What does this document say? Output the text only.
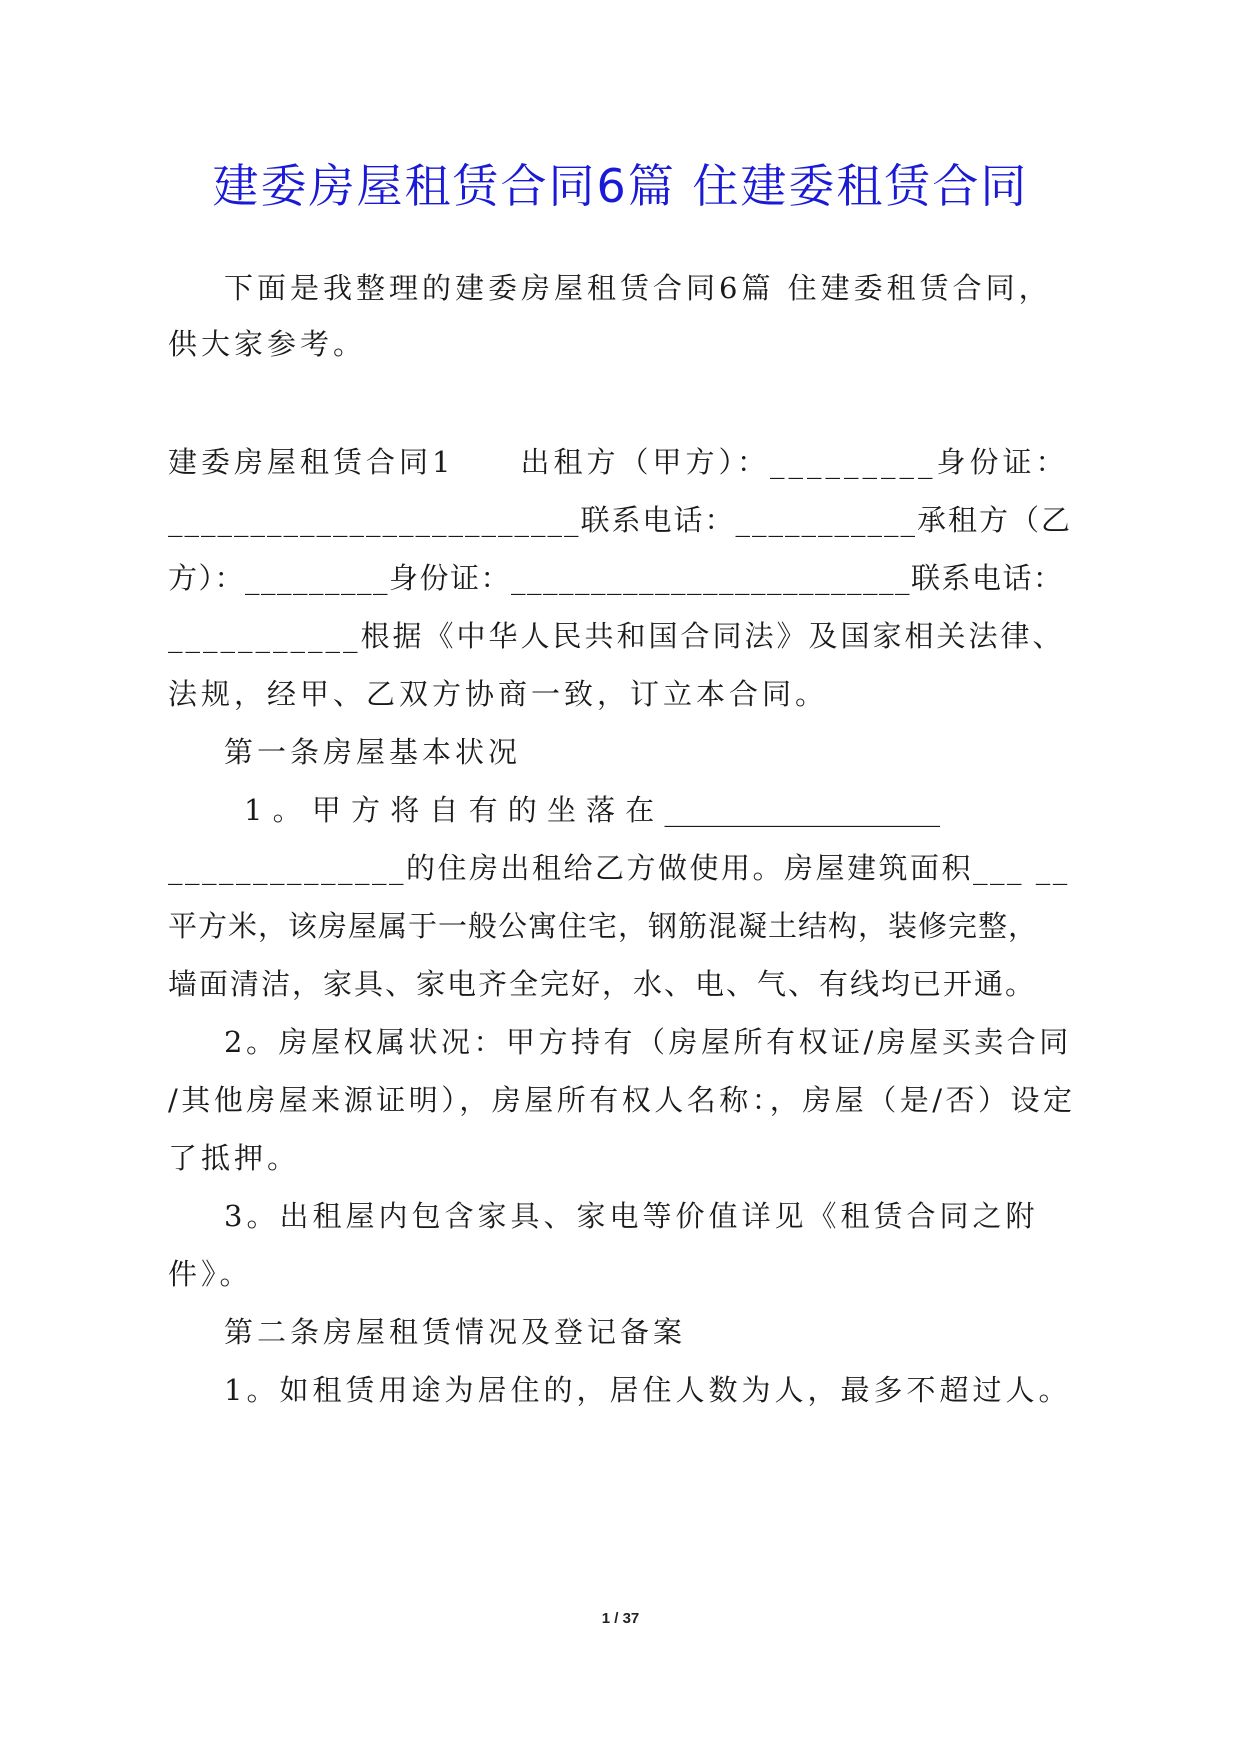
建委房屋租赁合同6篇 住建委租赁合同
下面是我整理的建委房屋租赁合同6篇 住建委租赁合同，
供大家参考。
建委房屋租赁合同1　　出租方（甲方）：_________身份证：
_________________________联系电话：___________承租方（乙
方）：_________身份证：_________________________联系电话：
___________根据《中华人民共和国合同法》及国家相关法律、
法规，经甲、乙双方协商一致，订立本合同。
第一条房屋基本状况
1。甲方将自有的坐落在___________________
______________的住房出租给乙方做使用。房屋建筑面积___ __
平方米，该房屋属于一般公寓住宅，钢筋混凝土结构，装修完整，
墙面清洁，家具、家电齐全完好，水、电、气、有线均已开通。
2。房屋权属状况：甲方持有（房屋所有权证/房屋买卖合同
/其他房屋来源证明），房屋所有权人名称：，房屋（是/否）设定
了抵押。
3。出租屋内包含家具、家电等价值详见《租赁合同之附
件》。
第二条房屋租赁情况及登记备案
1。如租赁用途为居住的，居住人数为人，最多不超过人。
1 / 37
